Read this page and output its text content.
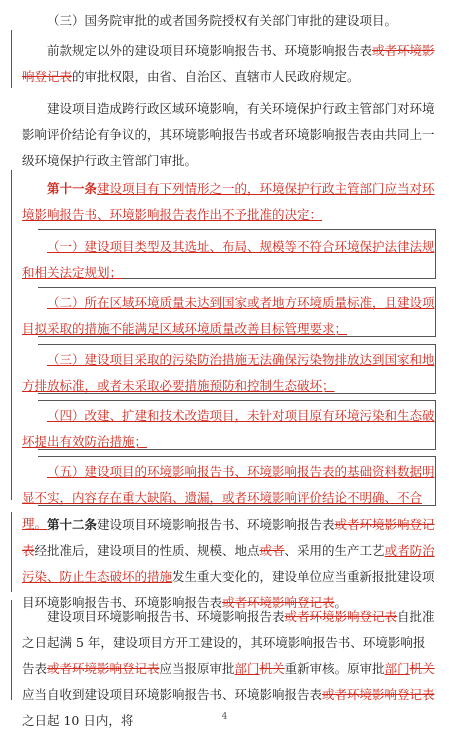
（三）国务院审批的或者国务院授权有关部门审批的建设项目。

前款规定以外的建设项目环境影响报告书、环境影响报告表或者环境影响登记表的审批权限，由省、自治区、直辖市人民政府规定。

建设项目造成跨行政区域环境影响，有关环境保护行政主管部门对环境影响评价结论有争议的，其环境影响报告书或者环境影响报告表由共同上一级环境保护行政主管部门审批。

第十一条建设项目有下列情形之一的，环境保护行政主管部门应当对环境影响报告书、环境影响报告表作出不予批准的决定：

（一）建设项目类型及其选址、布局、规模等不符合环境保护法律法规和相关法定规划；

（二）所在区域环境质量未达到国家或者地方环境质量标准，且建设项目拟采取的措施不能满足区域环境质量改善目标管理要求；

（三）建设项目采取的污染防治措施无法确保污染物排放达到国家和地方排放标准，或者未采取必要措施预防和控制生态破坏；

（四）改建、扩建和技术改造项目，未针对项目原有环境污染和生态破坏提出有效防治措施；

（五）建设项目的环境影响报告书、环境影响报告表的基础资料数据明显不实，内容存在重大缺陷、遗漏，或者环境影响评价结论不明确、不合理。 第十二条建设项目环境影响报告书、环境影响报告表或者环境影响登记表经批准后，建设项目的性质、规模、地点或者、采用的生产工艺或者防治污染、防止生态破坏的措施发生重大变化的，建设单位应当重新报批建设项目环境影响报告书、环境影响报告表或者环境影响登记表。

建设项目环境影响报告书、环境影响报告表或者环境影响登记表自批准之日起满 5 年，建设项目方开工建设的，其环境影响报告书、环境影响报告表或者环境影响登记表应当报原审批部门机关重新审核。原审批部门机关应当自收到建设项目环境影响报告书、环境影响报告表或者环境影响登记表之日起 10 日内，将	4
